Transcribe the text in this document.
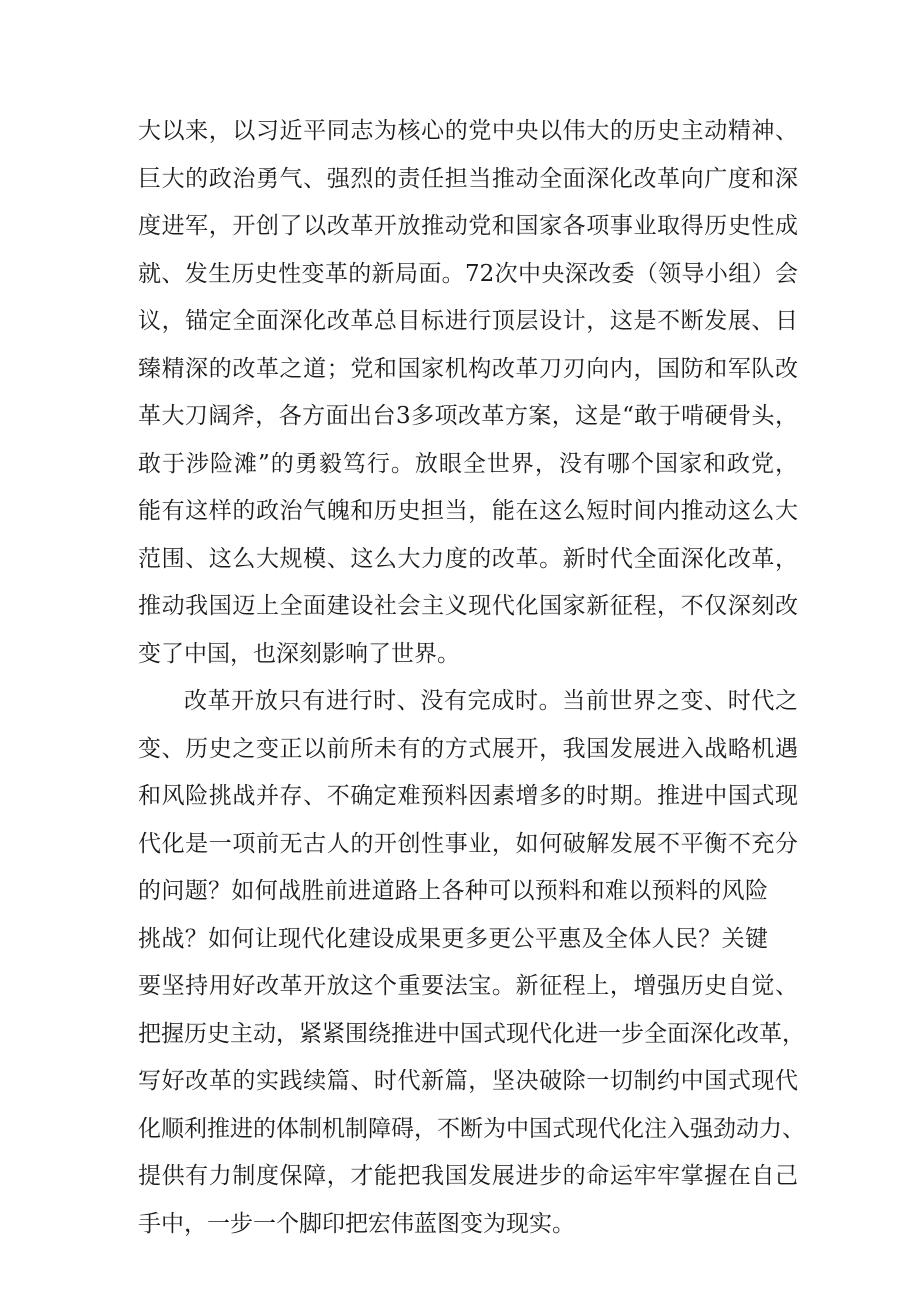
大以来，以习近平同志为核心的党中央以伟大的历史主动精神、
巨大的政治勇气、强烈的责任担当推动全面深化改革向广度和深
度进军，开创了以改革开放推动党和国家各项事业取得历史性成
就、发生历史性变革的新局面。72次中央深改委（领导小组）会
议，锚定全面深化改革总目标进行顶层设计，这是不断发展、日
臻精深的改革之道；党和国家机构改革刀刃向内，国防和军队改
革大刀阔斧，各方面出台3多项改革方案，这是“敢于啃硬骨头，
敢于涉险滩”的勇毅笃行。放眼全世界，没有哪个国家和政党，
能有这样的政治气魄和历史担当，能在这么短时间内推动这么大
范围、这么大规模、这么大力度的改革。新时代全面深化改革，
推动我国迈上全面建设社会主义现代化国家新征程，不仅深刻改
变了中国，也深刻影响了世界。
改革开放只有进行时、没有完成时。当前世界之变、时代之
变、历史之变正以前所未有的方式展开，我国发展进入战略机遇
和风险挑战并存、不确定难预料因素增多的时期。推进中国式现
代化是一项前无古人的开创性事业，如何破解发展不平衡不充分
的问题？如何战胜前进道路上各种可以预料和难以预料的风险
挑战？如何让现代化建设成果更多更公平惠及全体人民？关键
要坚持用好改革开放这个重要法宝。新征程上，增强历史自觉、
把握历史主动，紧紧围绕推进中国式现代化进一步全面深化改革，
写好改革的实践续篇、时代新篇，坚决破除一切制约中国式现代
化顺利推进的体制机制障碍，不断为中国式现代化注入强劲动力、
提供有力制度保障，才能把我国发展进步的命运牢牢掌握在自己
手中，一步一个脚印把宏伟蓝图变为现实。
